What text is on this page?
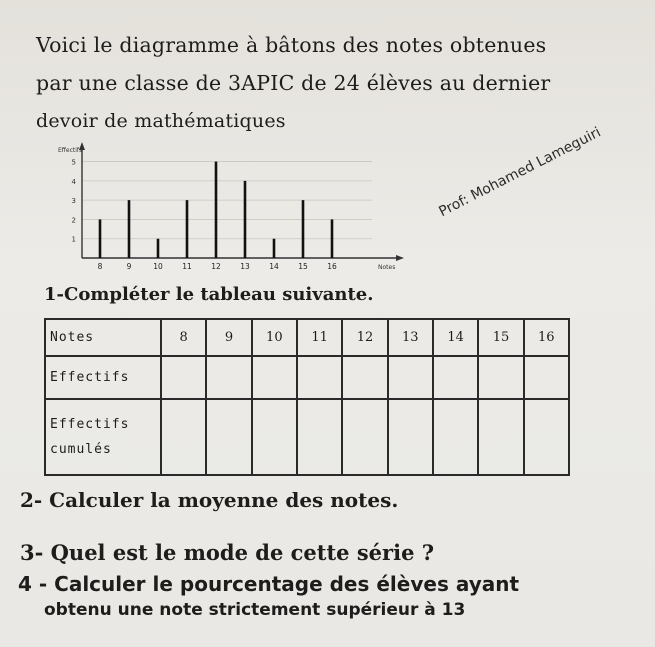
Voici le diagramme à bâtons des notes obtenues
par une classe de 3APIC de 24 élèves au dernier
devoir de mathématiques
1
2
3
4
5
Effectifs
Notes
8	9	10	11	12	13	14	15	16
Prof: Mohamed Lameguiri
1-Compléter le tableau suivante.
Notes	8	9	10	11	12	13	14	15	16
Effectifs									

Effectifs
cumulés									

2- Calculer la moyenne des notes.
3- Quel est le mode de cette série ?
4 - Calculer le pourcentage des élèves ayant
obtenu une note strictement supérieur à 13
